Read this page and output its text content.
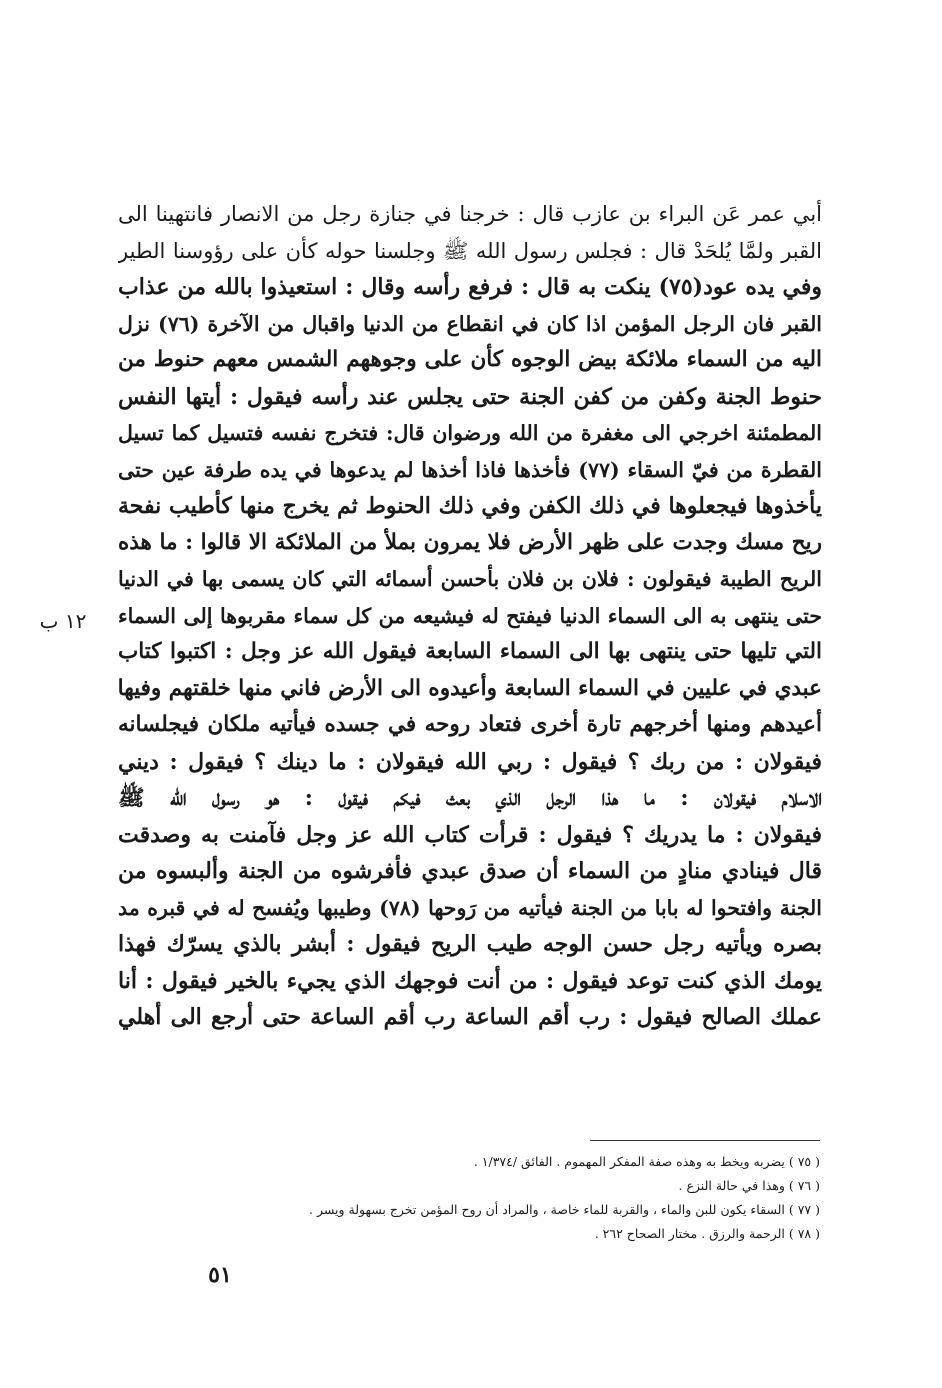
أبي عمر عَن البراء بن عازب قال : خرجنا في جنازة رجل من الانصار فانتهينا الى
القبر ولمَّا يُلحَدْ قال : فجلس رسول الله ﷺ وجلسنا حوله كأن على رؤوسنا الطير
وفي يده عود(٧٥) ينكت به قال : فرفع رأسه وقال : استعيذوا بالله من عذاب
القبر فان الرجل المؤمن اذا كان في انقطاع من الدنيا واقبال من الآخرة (٧٦) نزل
اليه من السماء ملائكة بيض الوجوه كأن على وجوههم الشمس معهم حنوط من
حنوط الجنة وكفن من كفن الجنة حتى يجلس عند رأسه فيقول : أيتها النفس
المطمئنة اخرجي الى مغفرة من الله ورضوان قال: فتخرج نفسه فتسيل كما تسيل
القطرة من فيّ السقاء (٧٧) فأخذها فاذا أخذها لم يدعوها في يده طرفة عين حتى
يأخذوها فيجعلوها في ذلك الكفن وفي ذلك الحنوط ثم يخرج منها كأطيب نفحة
ريح مسك وجدت على ظهر الأرض فلا يمرون بملأ من الملائكة الا قالوا : ما هذه
الريح الطيبة فيقولون : فلان بن فلان بأحسن أسمائه التي كان يسمى بها في الدنيا
حتى ينتهى به الى السماء الدنيا فيفتح له فيشيعه من كل سماء مقربوها إلى السماء
التي تليها حتى ينتهى بها الى السماء السابعة فيقول الله عز وجل : اكتبوا كتاب
عبدي في عليين في السماء السابعة وأعيدوه الى الأرض فاني منها خلقتهم وفيها
أعيدهم ومنها أخرجهم تارة أخرى فتعاد روحه في جسده فيأتيه ملكان فيجلسانه
فيقولان : من ربك ؟ فيقول : ربي الله فيقولان : ما دينك ؟ فيقول : ديني
الاسلام فيقولان : ما هذا الرجل الذي بعث فيكم فيقول : هو رسول الله ﷺ
فيقولان : ما يدريك ؟ فيقول : قرأت كتاب الله عز وجل فآمنت به وصدقت
قال فينادي منادٍ من السماء أن صدق عبدي فأفرشوه من الجنة وألبسوه من
الجنة وافتحوا له بابا من الجنة فيأتيه من رَوحها (٧٨) وطيبها ويُفسح له في قبره مد
بصره ويأتيه رجل حسن الوجه طيب الريح فيقول : أبشر بالذي يسرّك فهذا
يومك الذي كنت توعد فيقول : من أنت فوجهك الذي يجيء بالخير فيقول : أنا
عملك الصالح فيقول : رب أقم الساعة رب أقم الساعة حتى أرجع الى أهلي
١٢ ب
( ٧٥ ) يضربه ويخط به وهذه صفة المفكر المهموم . الفائق /١/٣٧٤ .
( ٧٦ ) وهذا في حالة النزع .
( ٧٧ ) السقاء يكون للبن والماء ، والقربة للماء خاصة ، والمراد أن روح المؤمن تخرج بسهولة ويسر .
( ٧٨ ) الرحمة والرزق . مختار الصحاح ٢٦٢ .
٥١
